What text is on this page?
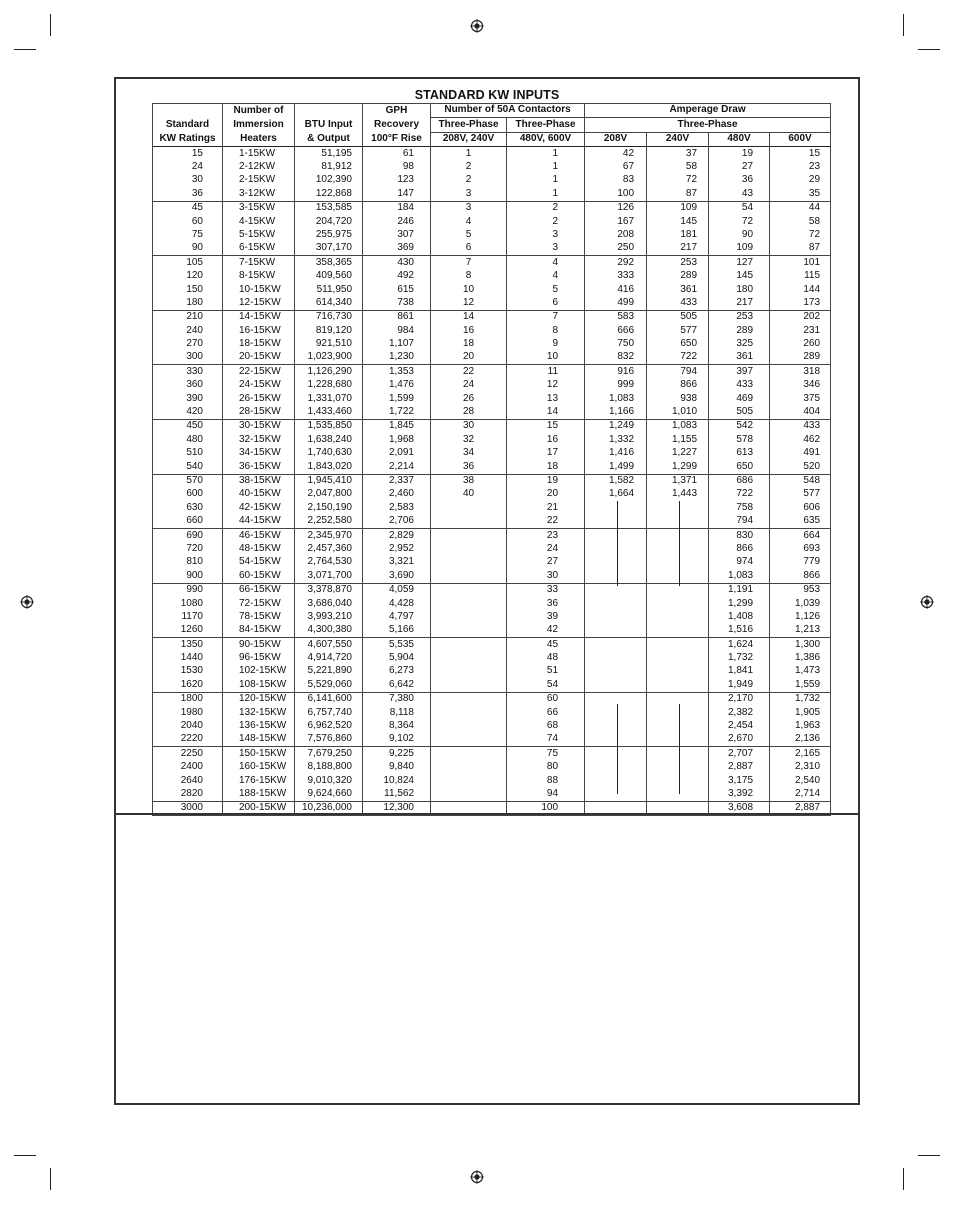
STANDARD KW INPUTS
	Number of		GPH	Number of 50A Contactors		Amperage Draw			
Standard	Immersion	BTU Input	Recovery	Three-Phase	Three-Phase	Three-Phase			
KW Ratings	Heaters	& Output	100°F Rise	208V, 240V	480V, 600V	208V	240V	480V	600V
15	1-15KW	51,195	61	1	1	42	37	19	15
24	2-12KW	81,912	98	2	1	67	58	27	23
30	2-15KW	102,390	123	2	1	83	72	36	29
36	3-12KW	122,868	147	3	1	100	87	43	35
45	3-15KW	153,585	184	3	2	126	109	54	44
60	4-15KW	204,720	246	4	2	167	145	72	58
75	5-15KW	255,975	307	5	3	208	181	90	72
90	6-15KW	307,170	369	6	3	250	217	109	87
105	7-15KW	358,365	430	7	4	292	253	127	101
120	8-15KW	409,560	492	8	4	333	289	145	115
150	10-15KW	511,950	615	10	5	416	361	180	144
180	12-15KW	614,340	738	12	6	499	433	217	173
210	14-15KW	716,730	861	14	7	583	505	253	202
240	16-15KW	819,120	984	16	8	666	577	289	231
270	18-15KW	921,510	1,107	18	9	750	650	325	260
300	20-15KW	1,023,900	1,230	20	10	832	722	361	289
330	22-15KW	1,126,290	1,353	22	11	916	794	397	318
360	24-15KW	1,228,680	1,476	24	12	999	866	433	346
390	26-15KW	1,331,070	1,599	26	13	1,083	938	469	375
420	28-15KW	1,433,460	1,722	28	14	1,166	1,010	505	404
450	30-15KW	1,535,850	1,845	30	15	1,249	1,083	542	433
480	32-15KW	1,638,240	1,968	32	16	1,332	1,155	578	462
510	34-15KW	1,740,630	2,091	34	17	1,416	1,227	613	491
540	36-15KW	1,843,020	2,214	36	18	1,499	1,299	650	520
570	38-15KW	1,945,410	2,337	38	19	1,582	1,371	686	548
600	40-15KW	2,047,800	2,460	40	20	1,664	1,443	722	577
630	42-15KW	2,150,190	2,583		21			758	606
660	44-15KW	2,252,580	2,706		22			794	635
690	46-15KW	2,345,970	2,829		23			830	664
720	48-15KW	2,457,360	2,952		24			866	693
810	54-15KW	2,764,530	3,321		27			974	779
900	60-15KW	3,071,700	3,690		30			1,083	866
990	66-15KW	3,378,870	4,059		33			1,191	953
1080	72-15KW	3,686,040	4,428		36			1,299	1,039
1170	78-15KW	3,993,210	4,797		39			1,408	1,126
1260	84-15KW	4,300,380	5,166		42			1,516	1,213
1350	90-15KW	4,607,550	5,535		45			1,624	1,300
1440	96-15KW	4,914,720	5,904		48			1,732	1,386
1530	102-15KW	5,221,890	6,273		51			1,841	1,473
1620	108-15KW	5,529,060	6,642		54			1,949	1,559
1800	120-15KW	6,141,600	7,380		60			2,170	1,732
1980	132-15KW	6,757,740	8,118		66			2,382	1,905
2040	136-15KW	6,962,520	8,364		68			2,454	1,963
2220	148-15KW	7,576,860	9,102		74			2,670	2,136
2250	150-15KW	7,679,250	9,225		75			2,707	2,165
2400	160-15KW	8,188,800	9,840		80			2,887	2,310
2640	176-15KW	9,010,320	10,824		88			3,175	2,540
2820	188-15KW	9,624,660	11,562		94			3,392	2,714
3000	200-15KW	10,236,000	12,300		100			3,608	2,887
